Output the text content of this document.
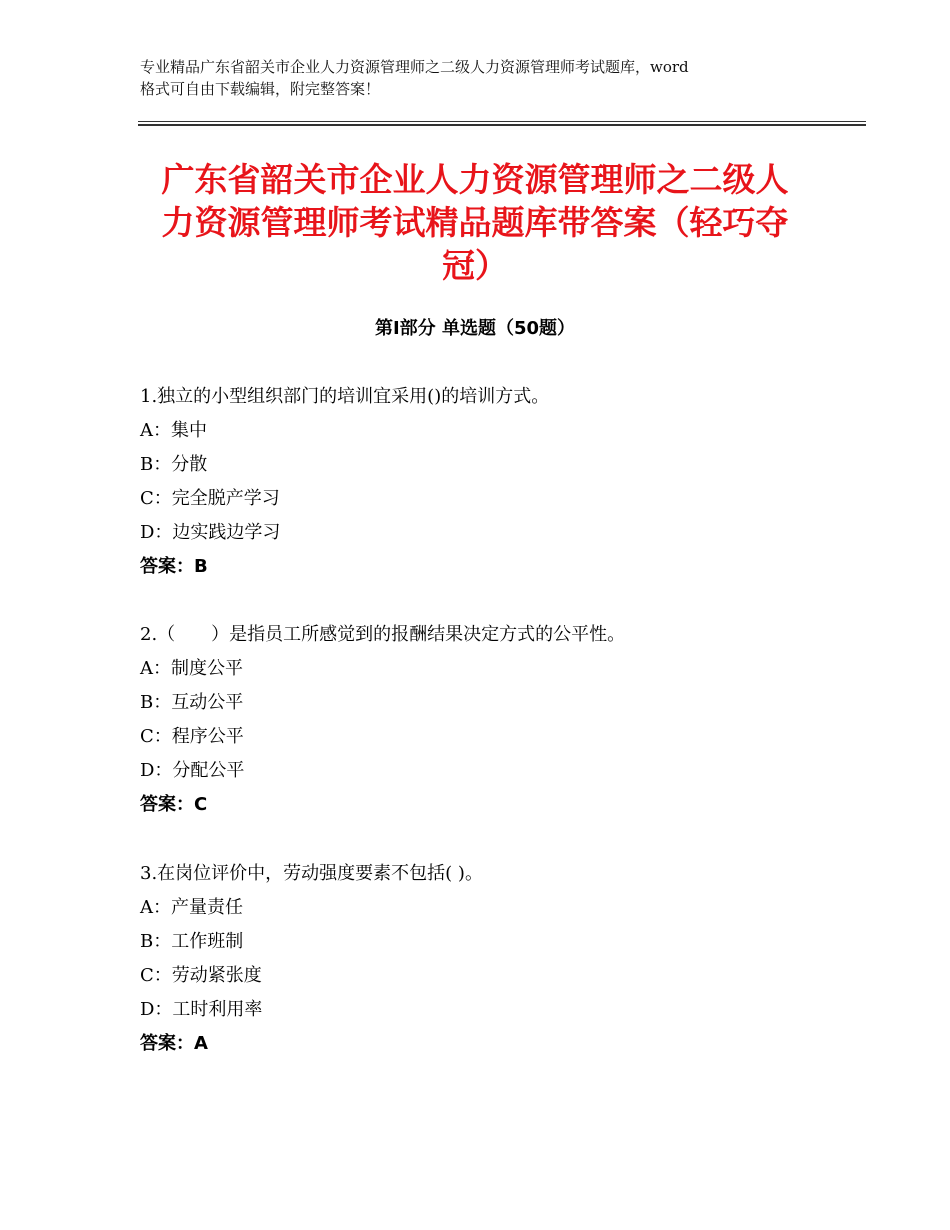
专业精品广东省韶关市企业人力资源管理师之二级人力资源管理师考试题库，word
格式可自由下载编辑，附完整答案！
广东省韶关市企业人力资源管理师之二级人
力资源管理师考试精品题库带答案（轻巧夺
冠）
第Ⅰ部分 单选题（50题）
1.独立的小型组织部门的培训宜采用()的培训方式。
A：集中
B：分散
C：完全脱产学习
D：边实践边学习
答案：B
2.（　　）是指员工所感觉到的报酬结果决定方式的公平性。
A：制度公平
B：互动公平
C：程序公平
D：分配公平
答案：C
3.在岗位评价中，劳动强度要素不包括( )。
A：产量责任
B：工作班制
C：劳动紧张度
D：工时利用率
答案：A
